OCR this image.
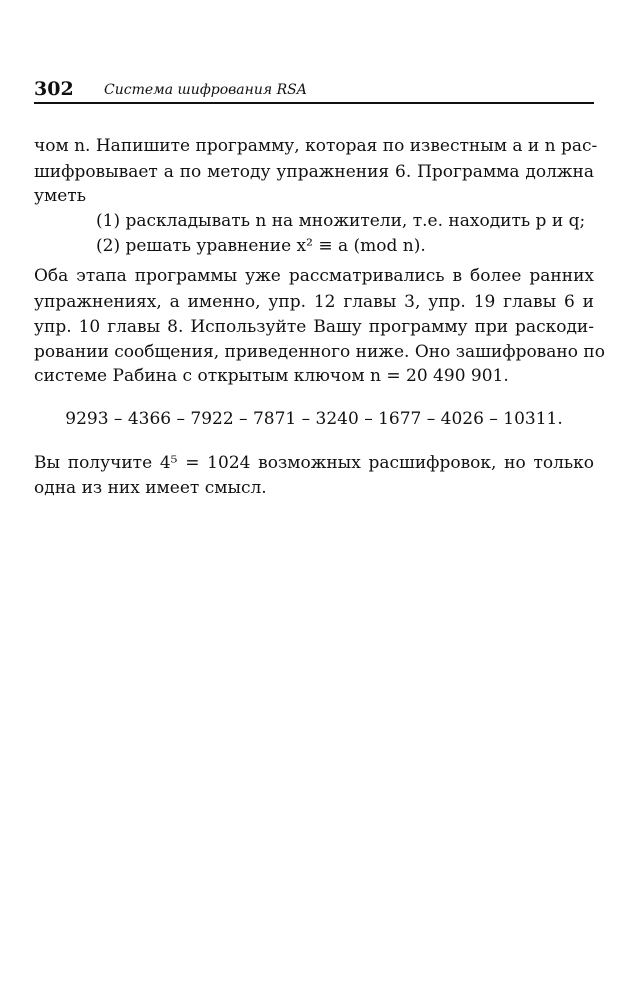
302 Система шифрования RSA
чом n. Напишите программу, которая по известным a и n рас-
шифровывает a по методу упражнения 6. Программа должна
уметь
(1) раскладывать n на множители, т.е. находить p и q;
(2) решать уравнение x² ≡ a (mod n).
Оба этапа программы уже рассматривались в более ранних
упражнениях, а именно, упр. 12 главы 3, упр. 19 главы 6 и
упр. 10 главы 8. Используйте Вашу программу при раскоди-
ровании сообщения, приведенного ниже. Оно зашифровано по
системе Рабина с открытым ключом n = 20 490 901.
9293 – 4366 – 7922 – 7871 – 3240 – 1677 – 4026 – 10311.
Вы получите 4⁵ = 1024 возможных расшифровок, но только
одна из них имеет смысл.
